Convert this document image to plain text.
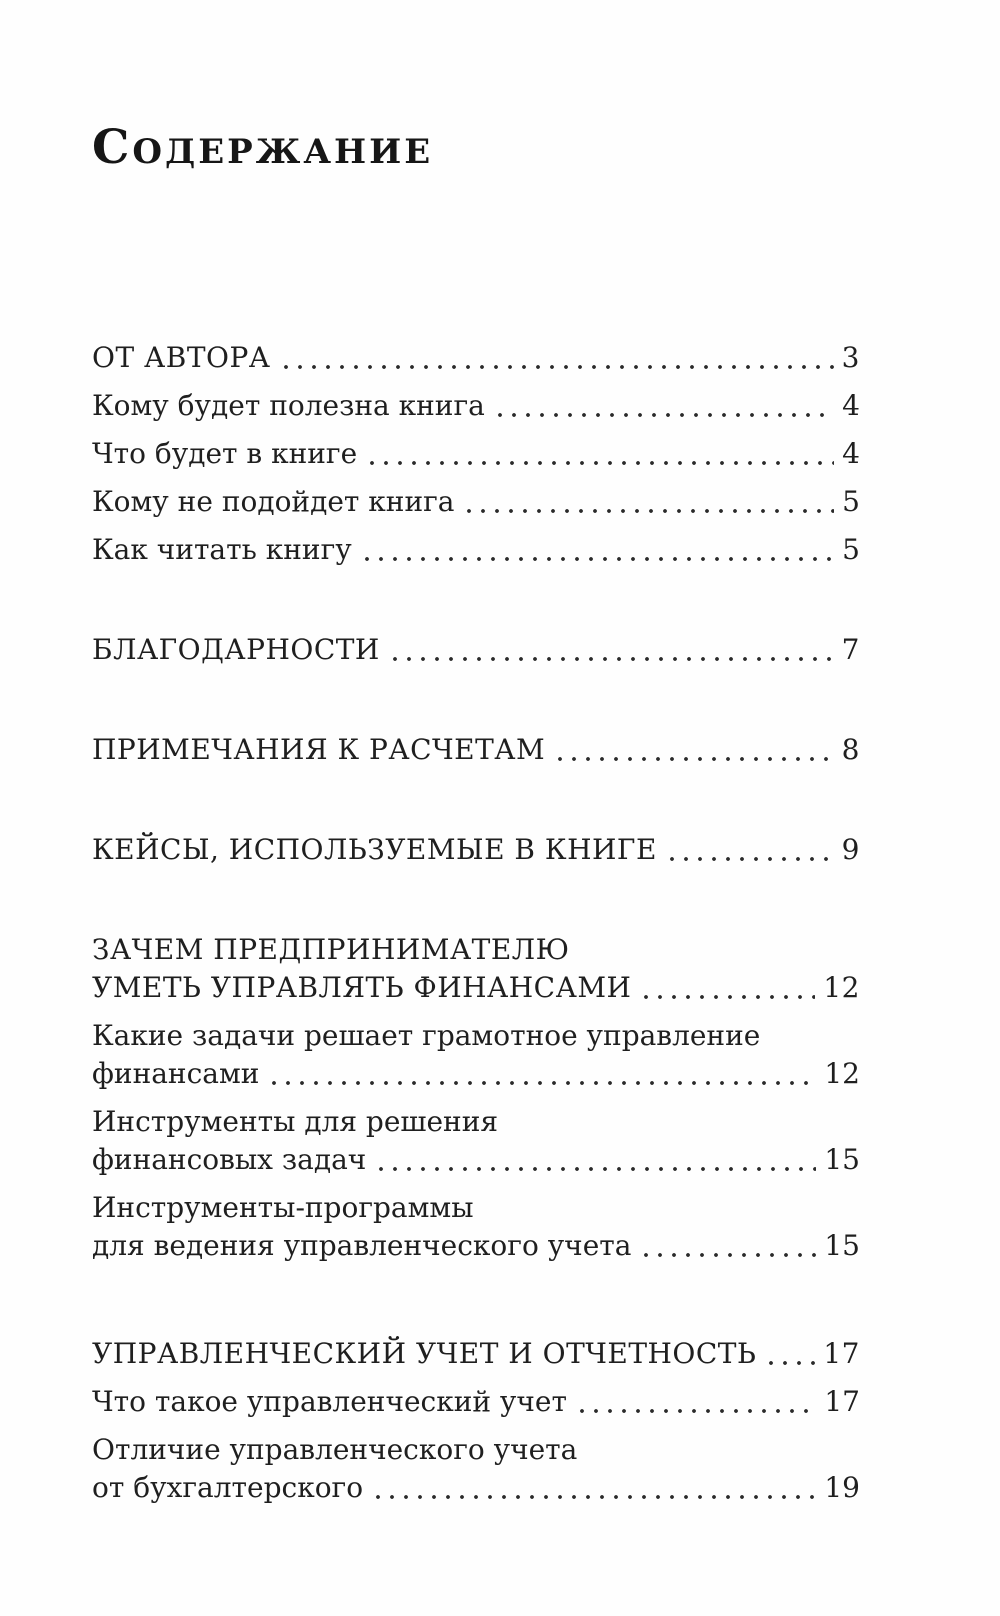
СОДЕРЖАНИЕ
ОТ АВТОРА	3
Кому будет полезна книга	4
Что будет в книге	4
Кому не подойдет книга	5
Как читать книгу	5
БЛАГОДАРНОСТИ	7
ПРИМЕЧАНИЯ К РАСЧЕТАМ	8
КЕЙСЫ, ИСПОЛЬЗУЕМЫЕ В КНИГЕ	9
ЗАЧЕМ ПРЕДПРИНИМАТЕЛЮ
УМЕТЬ УПРАВЛЯТЬ ФИНАНСАМИ	12
Какие задачи решает грамотное управление
финансами	12
Инструменты для решения
финансовых задач	15
Инструменты-программы
для ведения управленческого учета	15
УПРАВЛЕНЧЕСКИЙ УЧЕТ И ОТЧЕТНОСТЬ 17
Что такое управленческий учет	17
Отличие управленческого учета
от бухгалтерского	19
